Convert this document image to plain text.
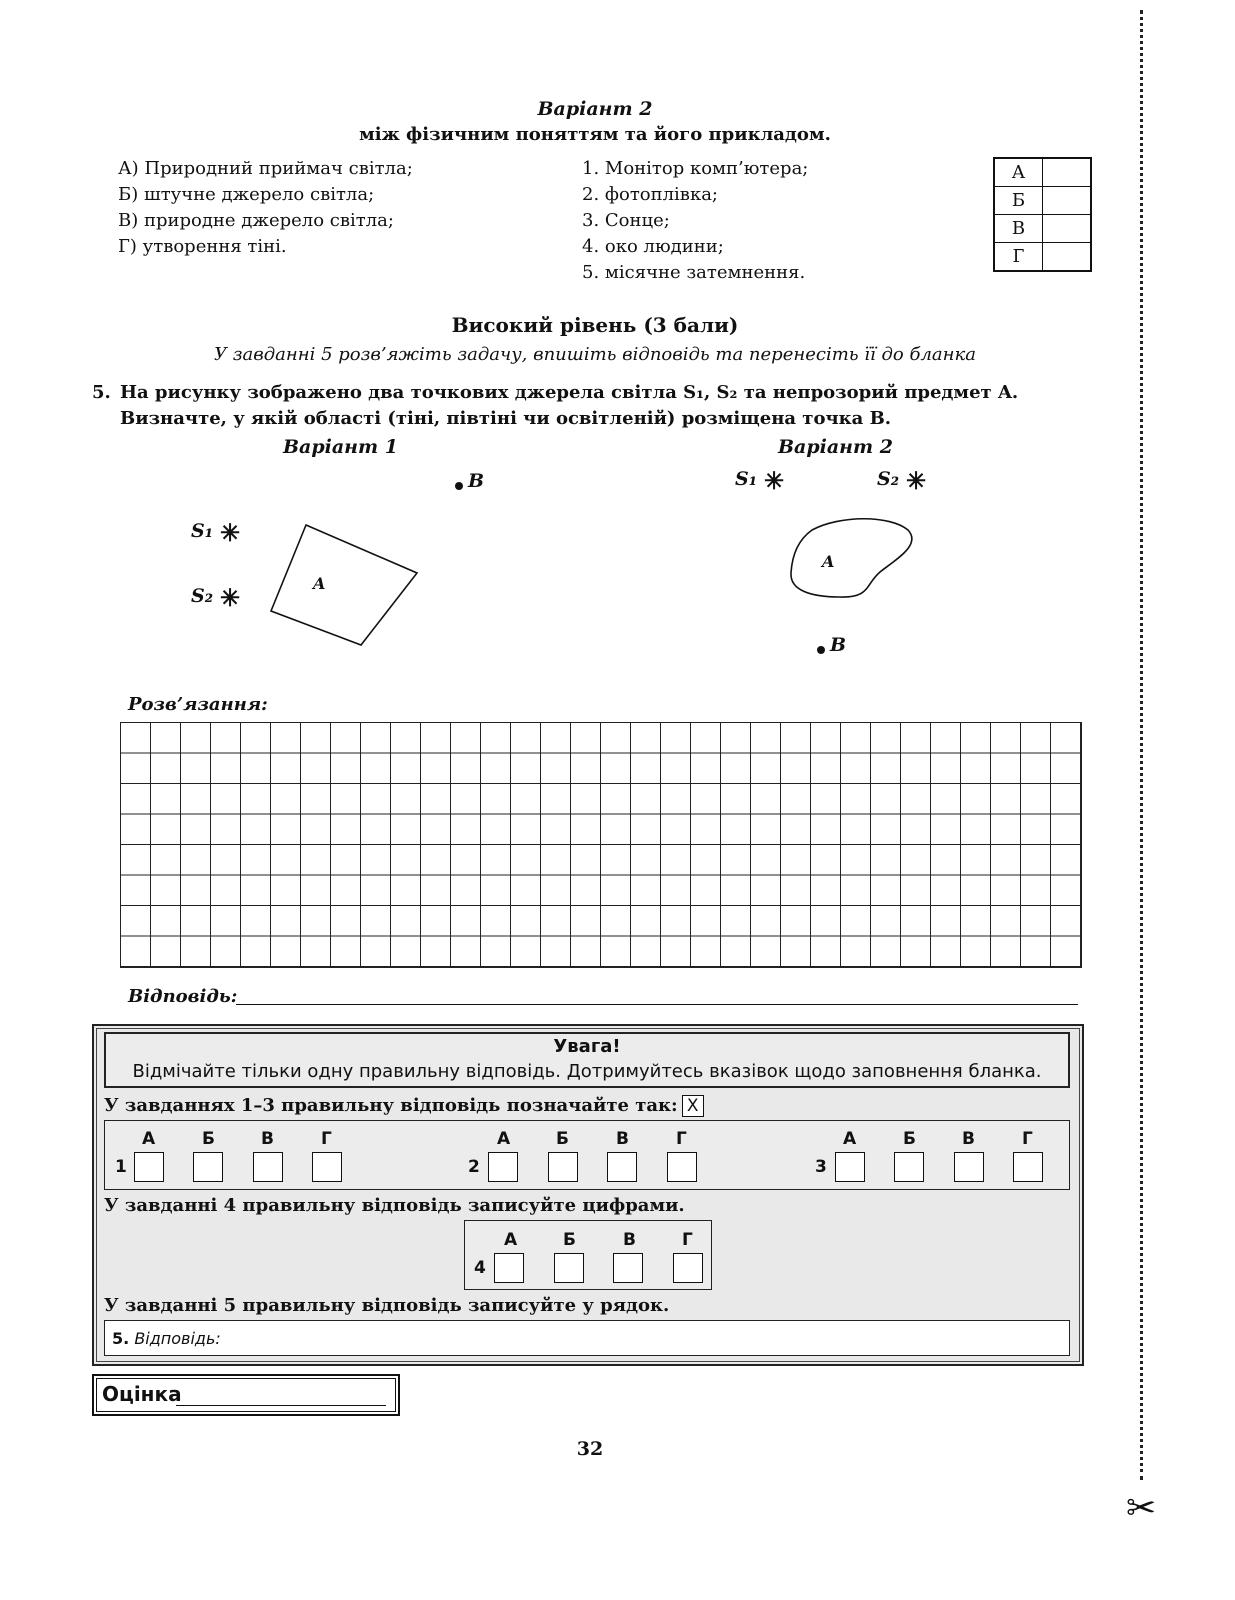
Варіант 2
між фізичним поняттям та його прикладом.
А) Природний приймач світла;
Б) штучне джерело світла;
В) природне джерело світла;
Г) утворення тіні.
1. Монітор комп’ютера;
2. фотоплівка;
3. Сонце;
4. око людини;
5. місячне затемнення.
А	
Б	
В	
Г	
Високий рівень (3 бали)
У завданні 5 розв’яжіть задачу, впишіть відповідь та перенесіть її до бланка
5. На рисунку зображено два точкових джерела світла S₁, S₂ та непрозорий предмет A. Визначте, у якій області (тіні, півтіні чи освітленій) розміщена точка B.
Варіант 1	Варіант 2
S₁ ✳
S₂ ✳	A
B	S₁ ✳	S₂ ✳
A
B
Розв’язання:
Відповідь:
Увага!
Відмічайте тільки одну правильну відповідь. Дотримуйтесь вказівок щодо заповнення бланка.
У завданнях 1–3 правильну відповідь позначайте так: X
А	Б	В	Г
1
А	Б	В	Г
2
А	Б	В	Г
3
У завданні 4 правильну відповідь записуйте цифрами.
А	Б	В	Г
4
У завданні 5 правильну відповідь записуйте у рядок.
5. Відповідь:
Оцінка
32
✂
